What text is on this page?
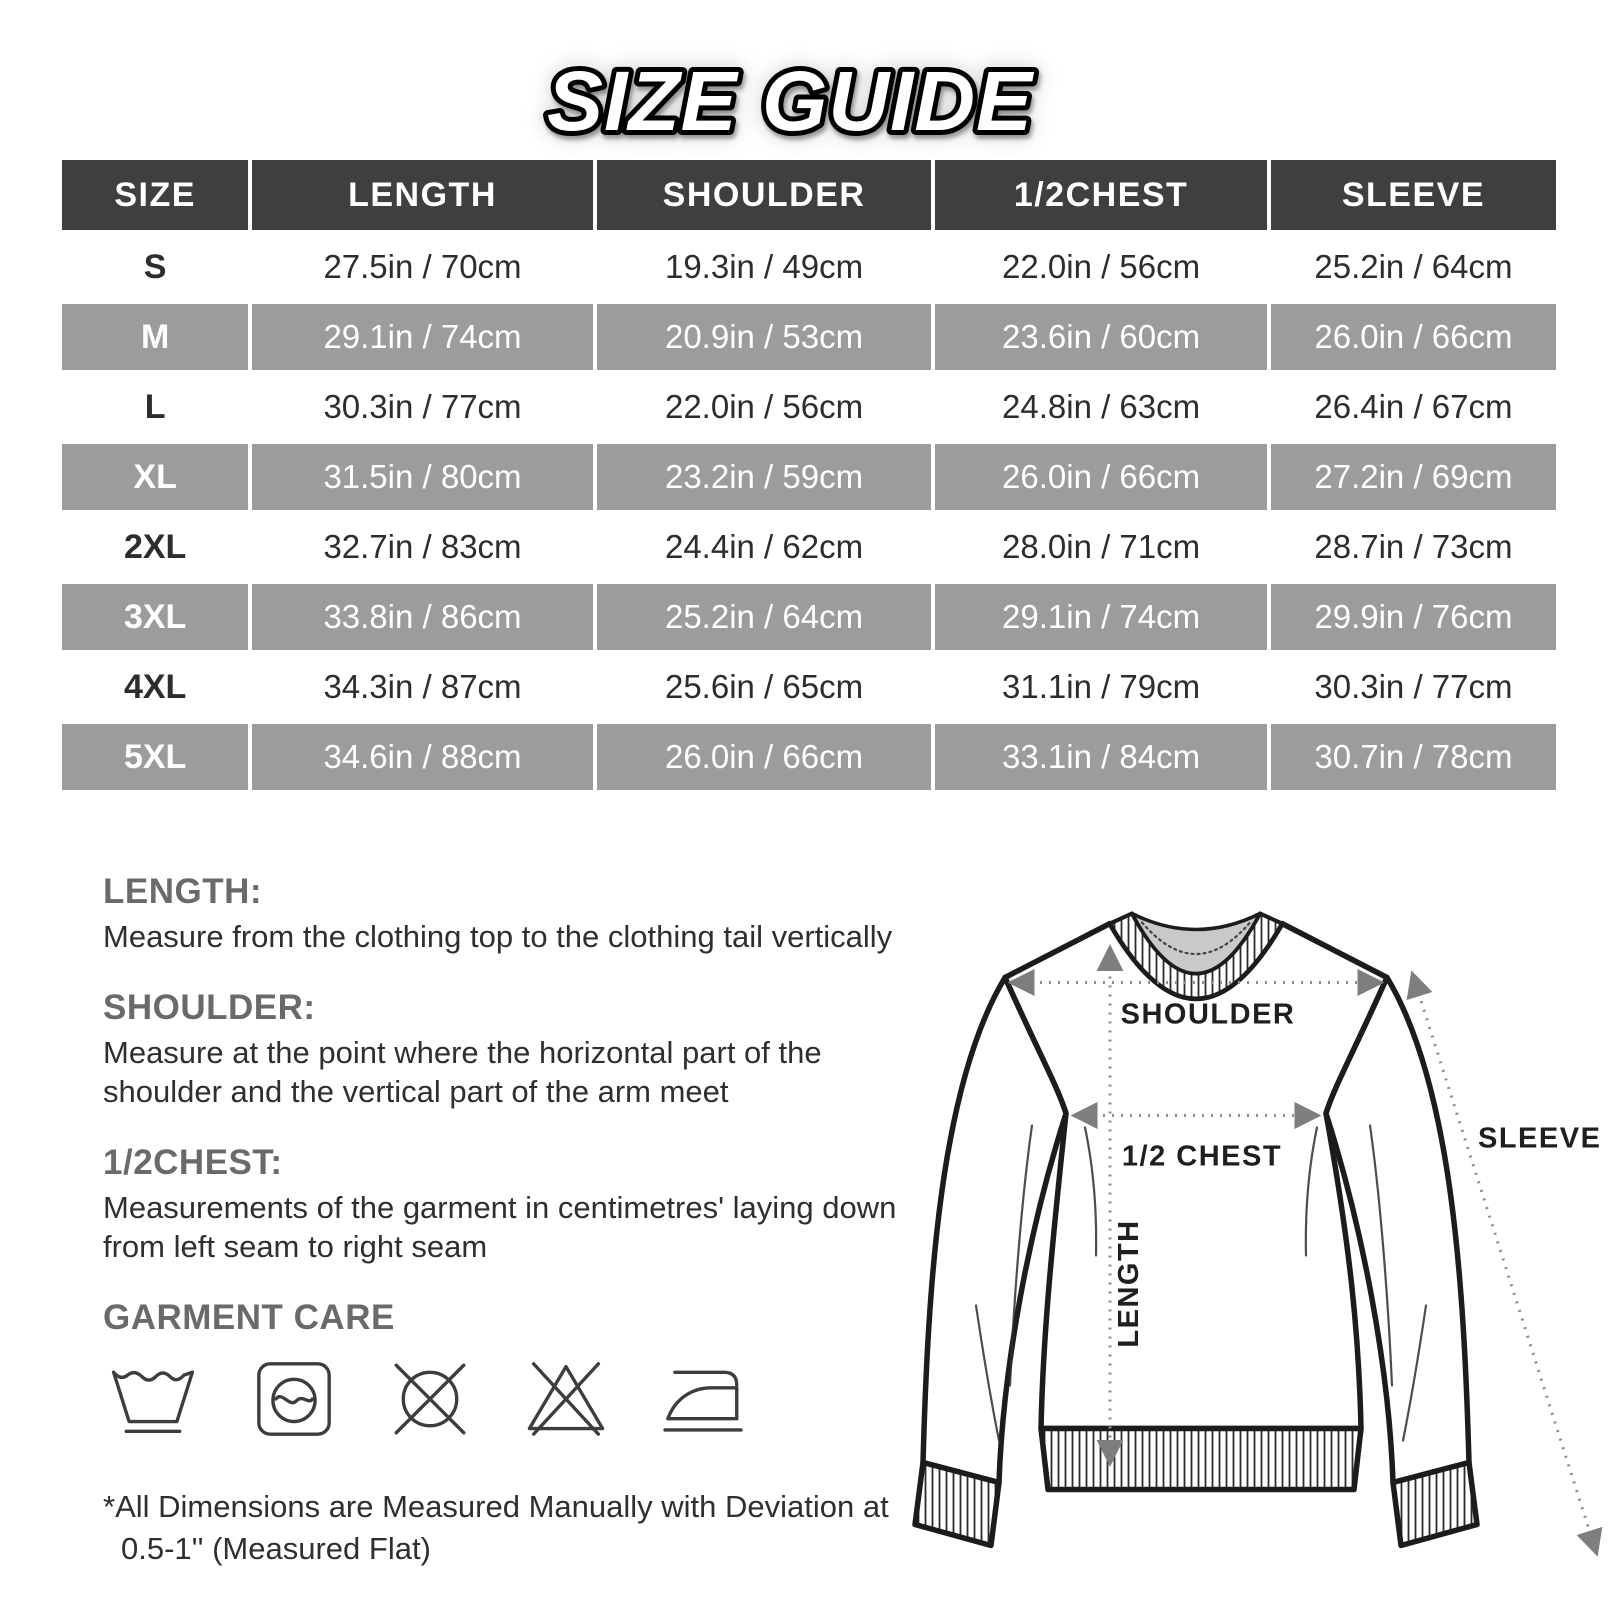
SIZE GUIDE
SIZE	LENGTH	SHOULDER	1/2CHEST	SLEEVE
S	27.5in / 70cm	19.3in / 49cm	22.0in / 56cm	25.2in / 64cm
M	29.1in / 74cm	20.9in / 53cm	23.6in / 60cm	26.0in / 66cm
L	30.3in / 77cm	22.0in / 56cm	24.8in / 63cm	26.4in / 67cm
XL	31.5in / 80cm	23.2in / 59cm	26.0in / 66cm	27.2in / 69cm
2XL	32.7in / 83cm	24.4in / 62cm	28.0in / 71cm	28.7in / 73cm
3XL	33.8in / 86cm	25.2in / 64cm	29.1in / 74cm	29.9in / 76cm
4XL	34.3in / 87cm	25.6in / 65cm	31.1in / 79cm	30.3in / 77cm
5XL	34.6in / 88cm	26.0in / 66cm	33.1in / 84cm	30.7in / 78cm
LENGTH:

Measure from the clothing top to the clothing tail vertically

SHOULDER:

Measure at the point where the horizontal part of the shoulder and the vertical part of the arm meet

1/2CHEST:

Measurements of the garment in centimetres' laying down from left seam to right seam

GARMENT CARE
*All Dimensions are Measured Manually with Deviation at 0.5-1'' (Measured Flat)
SHOULDER
1/2 CHEST
LENGTH
SLEEVE
